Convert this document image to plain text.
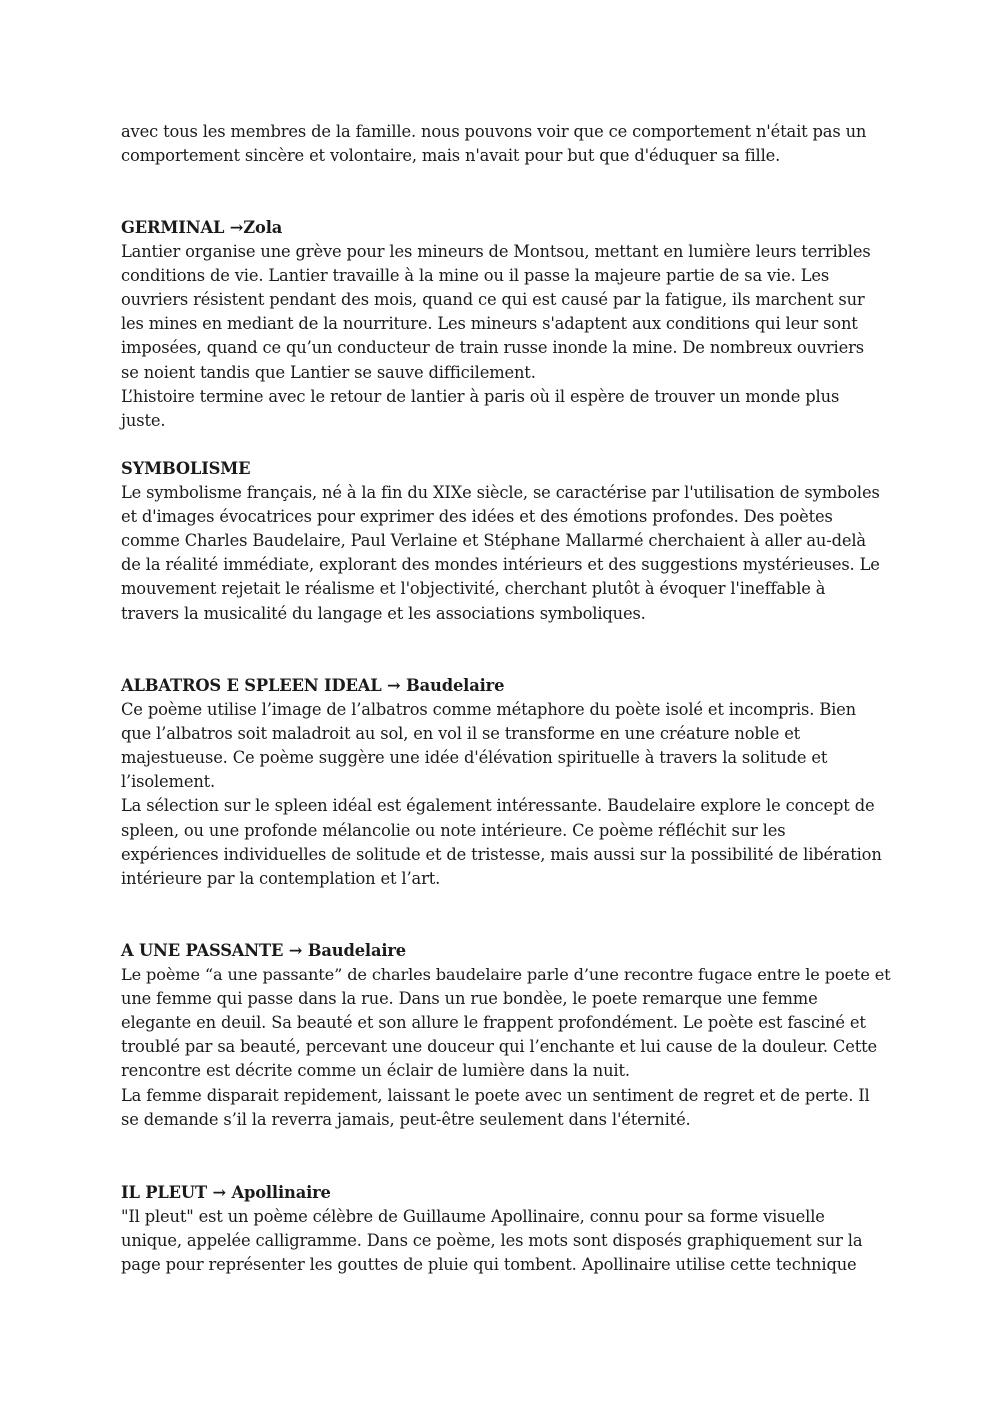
avec tous les membres de la famille. nous pouvons voir que ce comportement n'était pas un
comportement sincère et volontaire, mais n'avait pour but que d'éduquer sa fille.
GERMINAL →Zola
Lantier organise une grève pour les mineurs de Montsou, mettant en lumière leurs terribles
conditions de vie. Lantier travaille à la mine ou il passe la majeure partie de sa vie. Les
ouvriers résistent pendant des mois, quand ce qui est causé par la fatigue, ils marchent sur
les mines en mediant de la nourriture. Les mineurs s'adaptent aux conditions qui leur sont
imposées, quand ce qu’un conducteur de train russe inonde la mine. De nombreux ouvriers
se noient tandis que Lantier se sauve difficilement.
L’histoire termine avec le retour de lantier à paris où il espère de trouver un monde plus
juste.
SYMBOLISME
Le symbolisme français, né à la fin du XIXe siècle, se caractérise par l'utilisation de symboles
et d'images évocatrices pour exprimer des idées et des émotions profondes. Des poètes
comme Charles Baudelaire, Paul Verlaine et Stéphane Mallarmé cherchaient à aller au-delà
de la réalité immédiate, explorant des mondes intérieurs et des suggestions mystérieuses. Le
mouvement rejetait le réalisme et l'objectivité, cherchant plutôt à évoquer l'ineffable à
travers la musicalité du langage et les associations symboliques.
ALBATROS E SPLEEN IDEAL → Baudelaire
Ce poème utilise l’image de l’albatros comme métaphore du poète isolé et incompris. Bien
que l’albatros soit maladroit au sol, en vol il se transforme en une créature noble et
majestueuse. Ce poème suggère une idée d'élévation spirituelle à travers la solitude et
l’isolement.
La sélection sur le spleen idéal est également intéressante. Baudelaire explore le concept de
spleen, ou une profonde mélancolie ou note intérieure. Ce poème réfléchit sur les
expériences individuelles de solitude et de tristesse, mais aussi sur la possibilité de libération
intérieure par la contemplation et l’art.
A UNE PASSANTE → Baudelaire
Le poème “a une passante” de charles baudelaire parle d’une recontre fugace entre le poete et
une femme qui passe dans la rue. Dans un rue bondèe, le poete remarque une femme
elegante en deuil. Sa beauté et son allure le frappent profondément. Le poète est fasciné et
troublé par sa beauté, percevant une douceur qui l’enchante et lui cause de la douleur. Cette
rencontre est décrite comme un éclair de lumière dans la nuit.
La femme disparait repidement, laissant le poete avec un sentiment de regret et de perte. Il
se demande s’il la reverra jamais, peut-être seulement dans l'éternité.
IL PLEUT → Apollinaire
"Il pleut" est un poème célèbre de Guillaume Apollinaire, connu pour sa forme visuelle
unique, appelée calligramme. Dans ce poème, les mots sont disposés graphiquement sur la
page pour représenter les gouttes de pluie qui tombent. Apollinaire utilise cette technique
